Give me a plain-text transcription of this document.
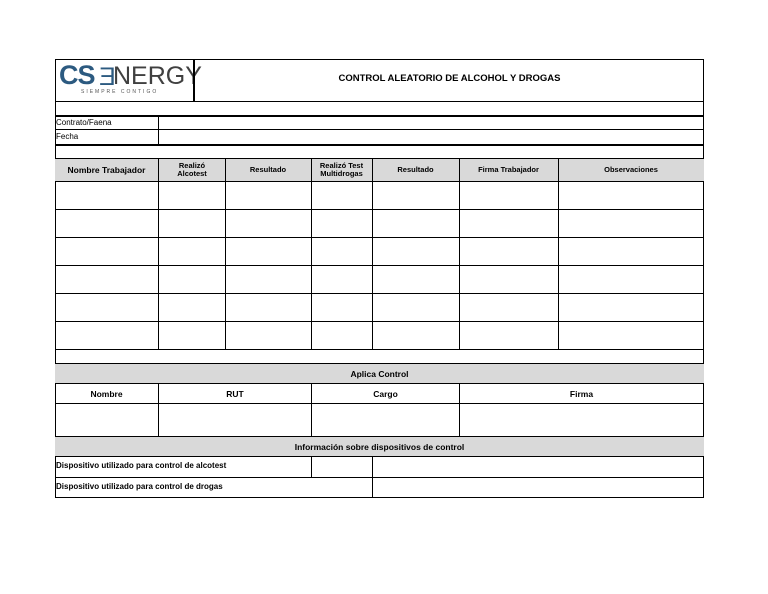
CS E
NERGY
SIEMPRE CONTIGO
CONTROL ALEATORIO DE ALCOHOL Y DROGAS
Contrato/Faena
Fecha
Nombre Trabajador	Realizó Alcotest	Resultado	Realizó Test Multidrogas	Resultado	Firma Trabajador	Observaciones
Aplica Control
Nombre	RUT	Cargo	Firma
Información sobre dispositivos de control
Dispositivo utilizado para control de alcotest
Dispositivo utilizado para control de drogas
